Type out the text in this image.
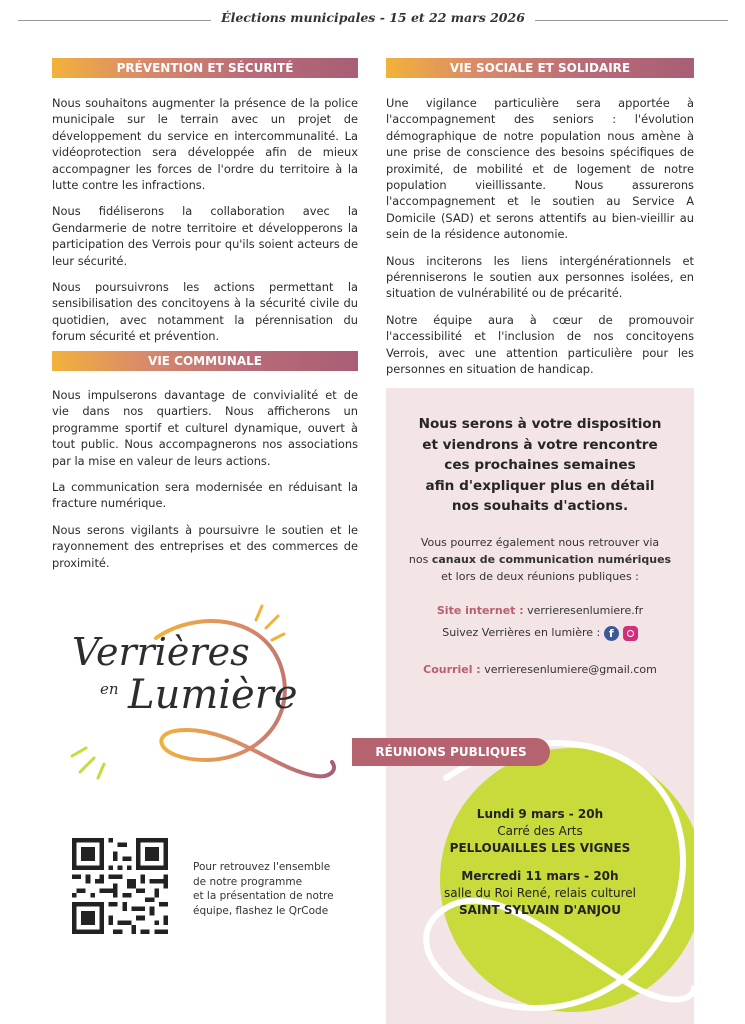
Élections municipales - 15 et 22 mars 2026
PRÉVENTION ET SÉCURITÉ

Nous souhaitons augmenter la présence de la police municipale sur le terrain avec un projet de développement du service en intercommunalité. La vidéoprotection sera développée afin de mieux accompagner les forces de l'ordre du territoire à la lutte contre les infractions.

Nous fidéliserons la collaboration avec la Gendarmerie de notre territoire et développerons la participation des Verrois pour qu'ils soient acteurs de leur sécurité.

Nous poursuivrons les actions permettant la sensibilisation des concitoyens à la sécurité civile du quotidien, avec notamment la pérennisation du forum sécurité et prévention.

VIE COMMUNALE

Nous impulserons davantage de convivialité et de vie dans nos quartiers. Nous afficherons un programme sportif et culturel dynamique, ouvert à tout public. Nous accompagnerons nos associations par la mise en valeur de leurs actions.

La communication sera modernisée en réduisant la fracture numérique.

Nous serons vigilants à poursuivre le soutien et le rayonnement des entreprises et des commerces de proximité.

VIE SOCIALE ET SOLIDAIRE

Une vigilance particulière sera apportée à l'accompagnement des seniors : l'évolution démographique de notre population nous amène à une prise de conscience des besoins spécifiques de proximité, de mobilité et de logement de notre population vieillissante. Nous assurerons l'accompagnement et le soutien au Service A Domicile (SAD) et serons attentifs au bien-vieillir au sein de la résidence autonomie.

Nous inciterons les liens intergénérationnels et pérenniserons le soutien aux personnes isolées, en situation de vulnérabilité ou de précarité.

Notre équipe aura à cœur de promouvoir l'accessibilité et l'inclusion de nos concitoyens Verrois, avec une attention particulière pour les personnes en situation de handicap.

Nous serons à votre disposition
et viendrons à votre rencontre
ces prochaines semaines
afin d'expliquer plus en détail
nos souhaits d'actions.
Vous pourrez également nous retrouver via
nos canaux de communication numériques
et lors de deux réunions publiques :
Site internet : verrieresenlumiere.fr
Suivez Verrières en lumière : f
Courriel : verrieresenlumiere@gmail.com
RÉUNIONS PUBLIQUES
Lundi 9 mars - 20h
Carré des Arts
PELLOUAILLES LES VIGNES
Mercredi 11 mars - 20h
salle du Roi René, relais culturel
SAINT SYLVAIN D'ANJOU
Verrières
en Lumière
Pour retrouvez l'ensemble
de notre programme
et la présentation de notre
équipe, flashez le QrCode
